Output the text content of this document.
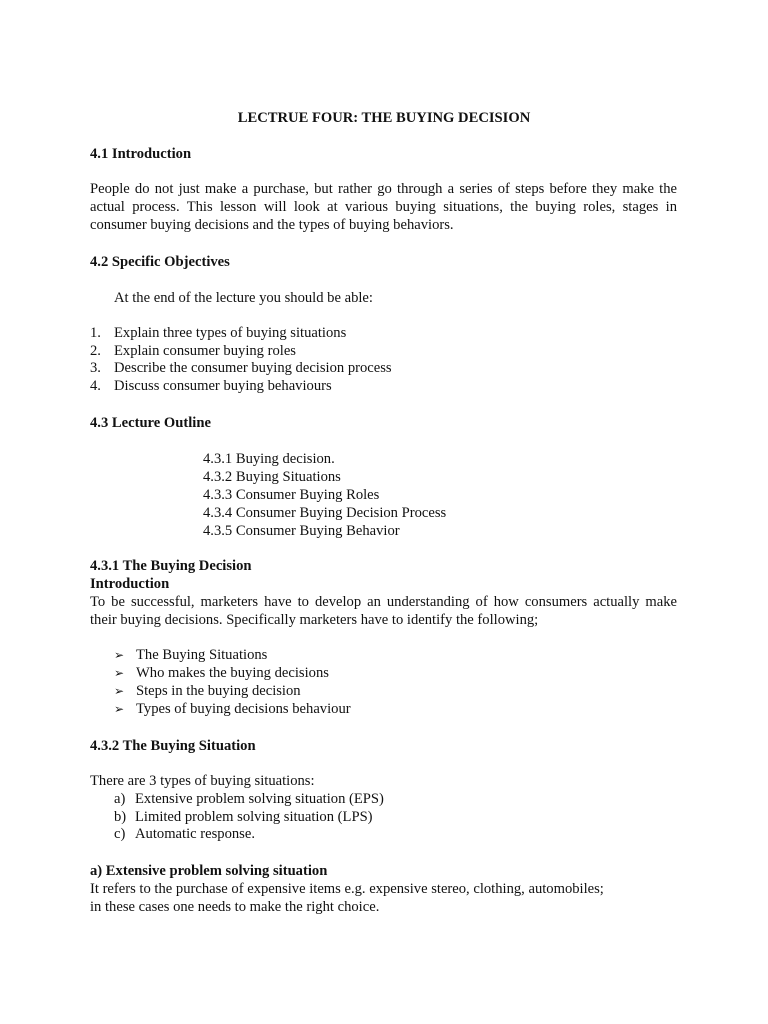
LECTRUE FOUR: THE BUYING DECISION

4.1 Introduction

People do not just make a purchase, but rather go through a series of steps before they make the
actual process. This lesson will look at various buying situations, the buying roles, stages in
consumer buying decisions and the types of buying behaviors.

4.2 Specific Objectives

At the end of the lecture you should be able:

1. Explain three types of buying situations
2. Explain consumer buying roles
3. Describe the consumer buying decision process
4. Discuss consumer buying behaviours

4.3 Lecture Outline

4.3.1 Buying decision.
4.3.2 Buying Situations
4.3.3 Consumer Buying Roles
4.3.4 Consumer Buying Decision Process
4.3.5 Consumer Buying Behavior

4.3.1 The Buying Decision

Introduction

To be successful, marketers have to develop an understanding of how consumers actually make
their buying decisions. Specifically marketers have to identify the following;
➢ The Buying Situations
➢ Who makes the buying decisions
➢ Steps in the buying decision
➢ Types of buying decisions behaviour

4.3.2 The Buying Situation

There are 3 types of buying situations:

a) Extensive problem solving situation (EPS)
b) Limited problem solving situation (LPS)
c) Automatic response.

a) Extensive problem solving situation

It refers to the purchase of expensive items e.g. expensive stereo, clothing, automobiles;
in these cases one needs to make the right choice.
